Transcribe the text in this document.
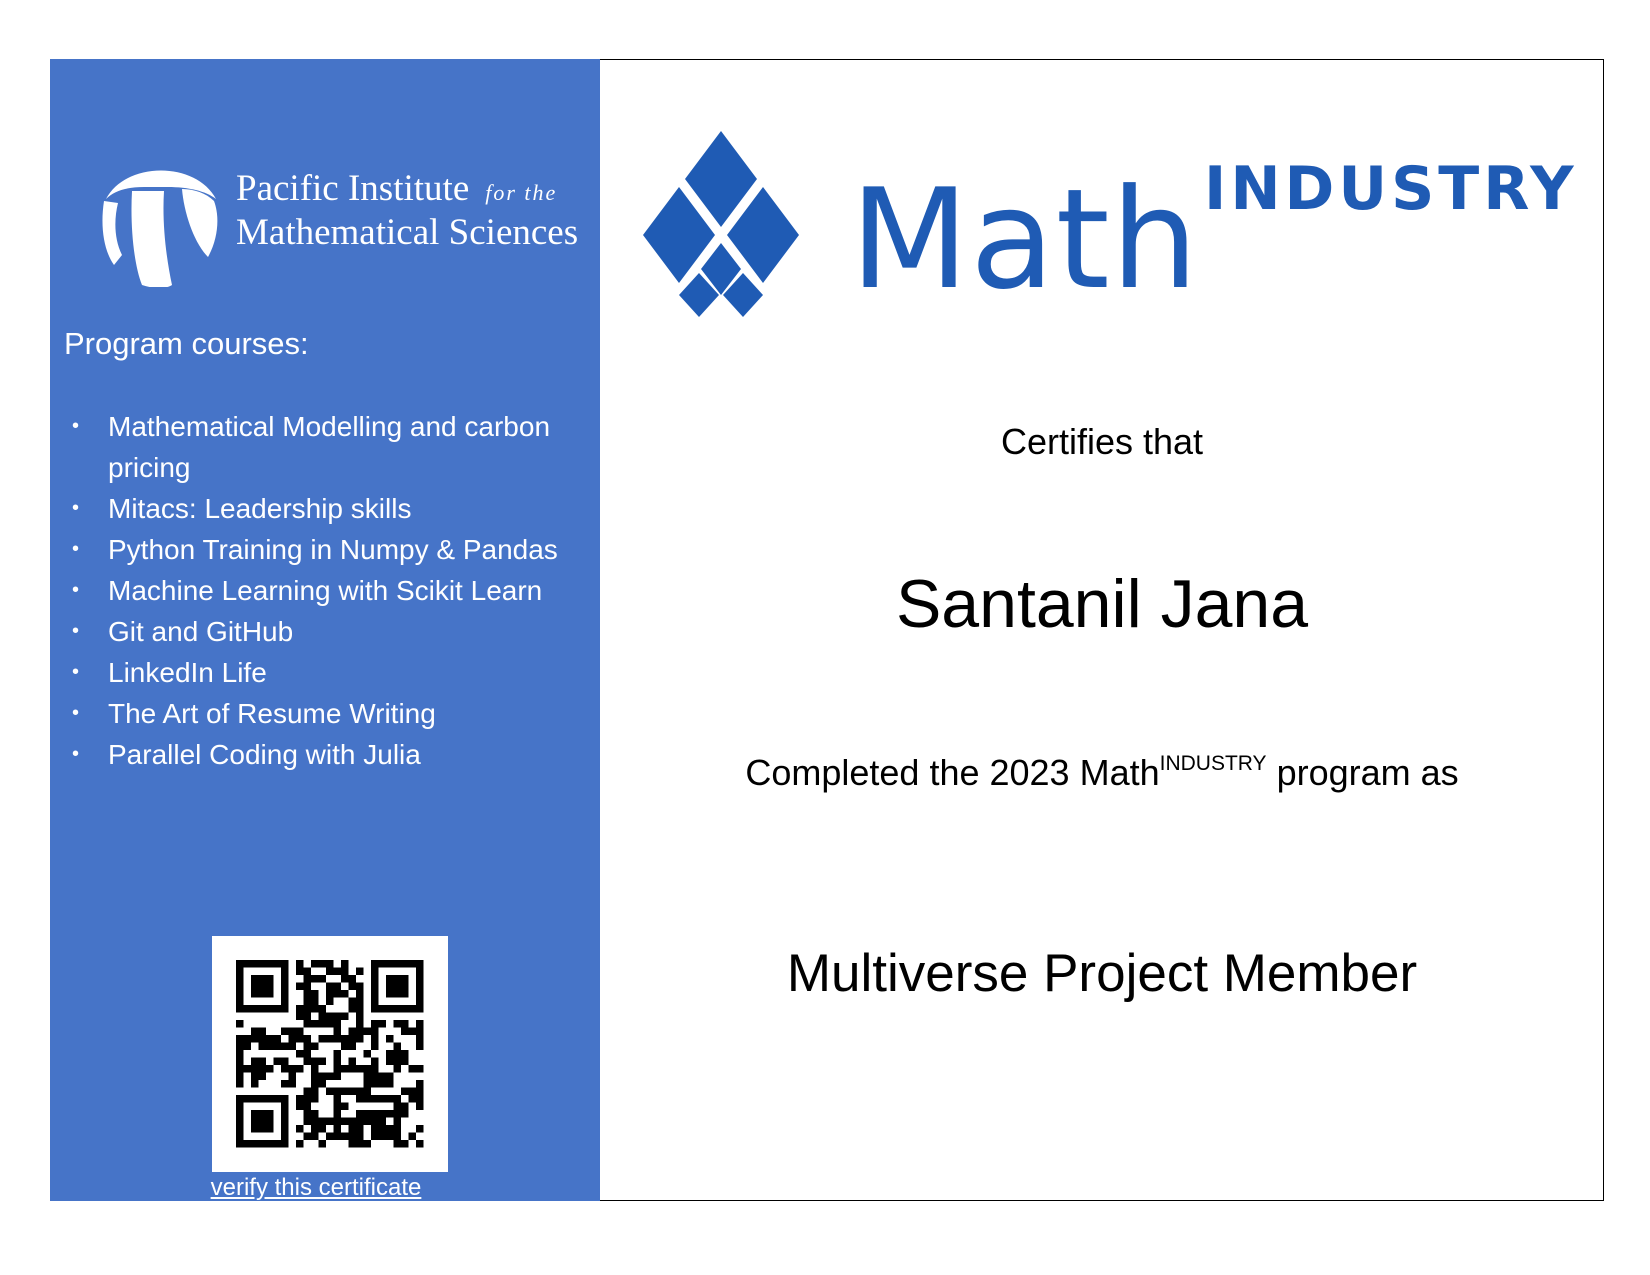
Pacific Institute for the
Mathematical Sciences
Program courses:
• Mathematical Modelling and carbon pricing
• Mitacs: Leadership skills
• Python Training in Numpy & Pandas
• Machine Learning with Scikit Learn
• Git and GitHub
• LinkedIn Life
• The Art of Resume Writing
• Parallel Coding with Julia
verify this certificate
Math INDUSTRY
Certifies that
Santanil Jana
Completed the 2023 Math$^{INDUSTRY}$ program as
Multiverse Project Member
